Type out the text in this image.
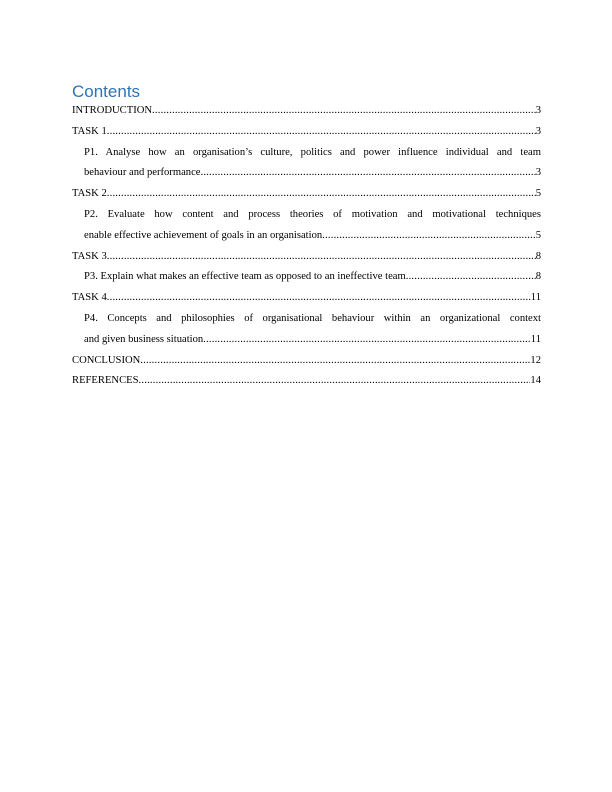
Contents
INTRODUCTION .....	3
TASK 1 .....	3
P1. Analyse how an organisation’s culture, politics and power influence individual and team
behaviour and performance .....	3
TASK 2 .....	5
P2. Evaluate how content and process theories of motivation and motivational techniques
enable effective achievement of goals in an organisation .....	5
TASK 3 .....	8
P3. Explain what makes an effective team as opposed to an ineffective team .....	8
TASK 4 .....	11
P4. Concepts and philosophies of organisational behaviour within an organizational context
and given business situation .....	11
CONCLUSION .....	12
REFERENCES .....	14
